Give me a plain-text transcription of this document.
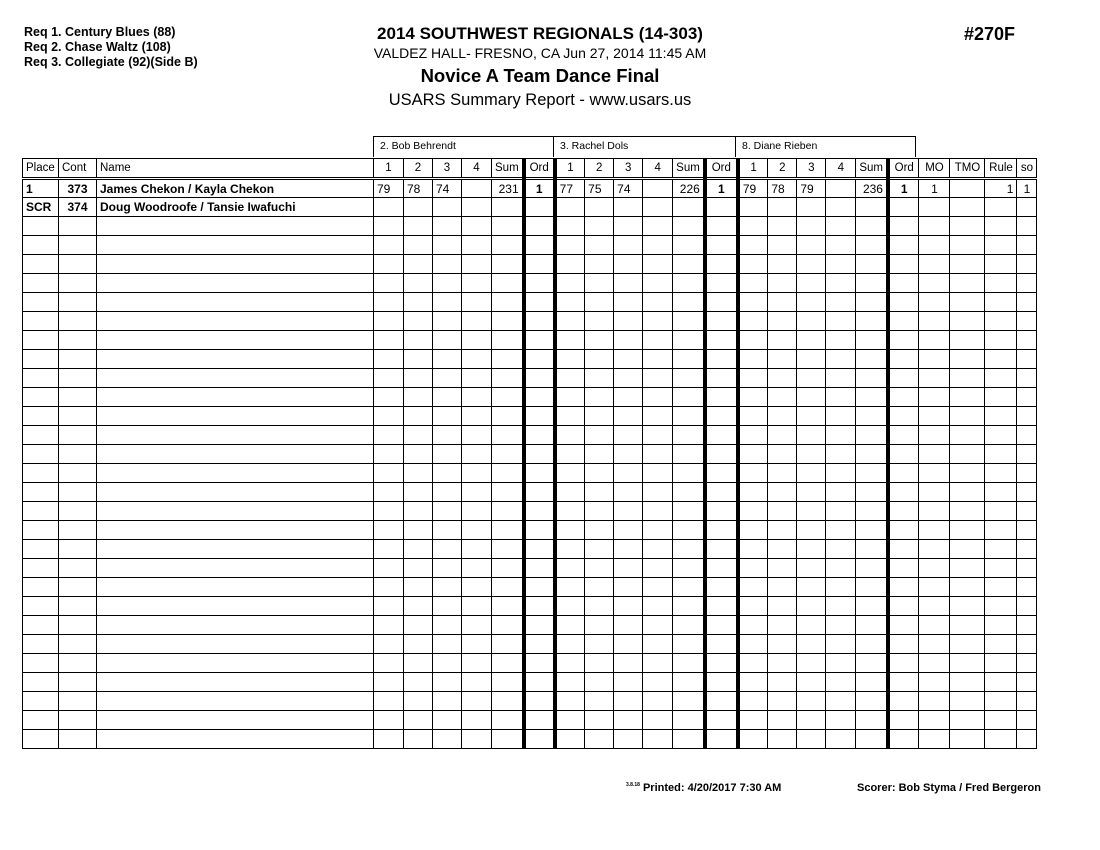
Req 1. Century Blues (88)
Req 2. Chase Waltz (108)
Req 3. Collegiate (92)(Side B)
2014 SOUTHWEST REGIONALS (14-303)
VALDEZ HALL- FRESNO, CA Jun 27, 2014 11:45 AM
Novice A Team Dance Final
USARS Summary Report - www.usars.us
#270F
2. Bob Behrendt	3. Rachel Dols	8. Diane Rieben
Place	Cont	Name	1	2	3	4	Sum	Ord	1	2	3	4	Sum	Ord	1	2	3	4	Sum	Ord	MO	TMO	Rule	so
1	373	James Chekon / Kayla Chekon	79	78	74		231	1	77	75	74		226	1	79	78	79		236	1	1		1	1
SCR	374	Doug Woodroofe / Tansie Iwafuchi																						

$^{3.8.18}$ Printed: 4/20/2017 7:30 AM	Scorer: Bob Styma / Fred Bergeron
